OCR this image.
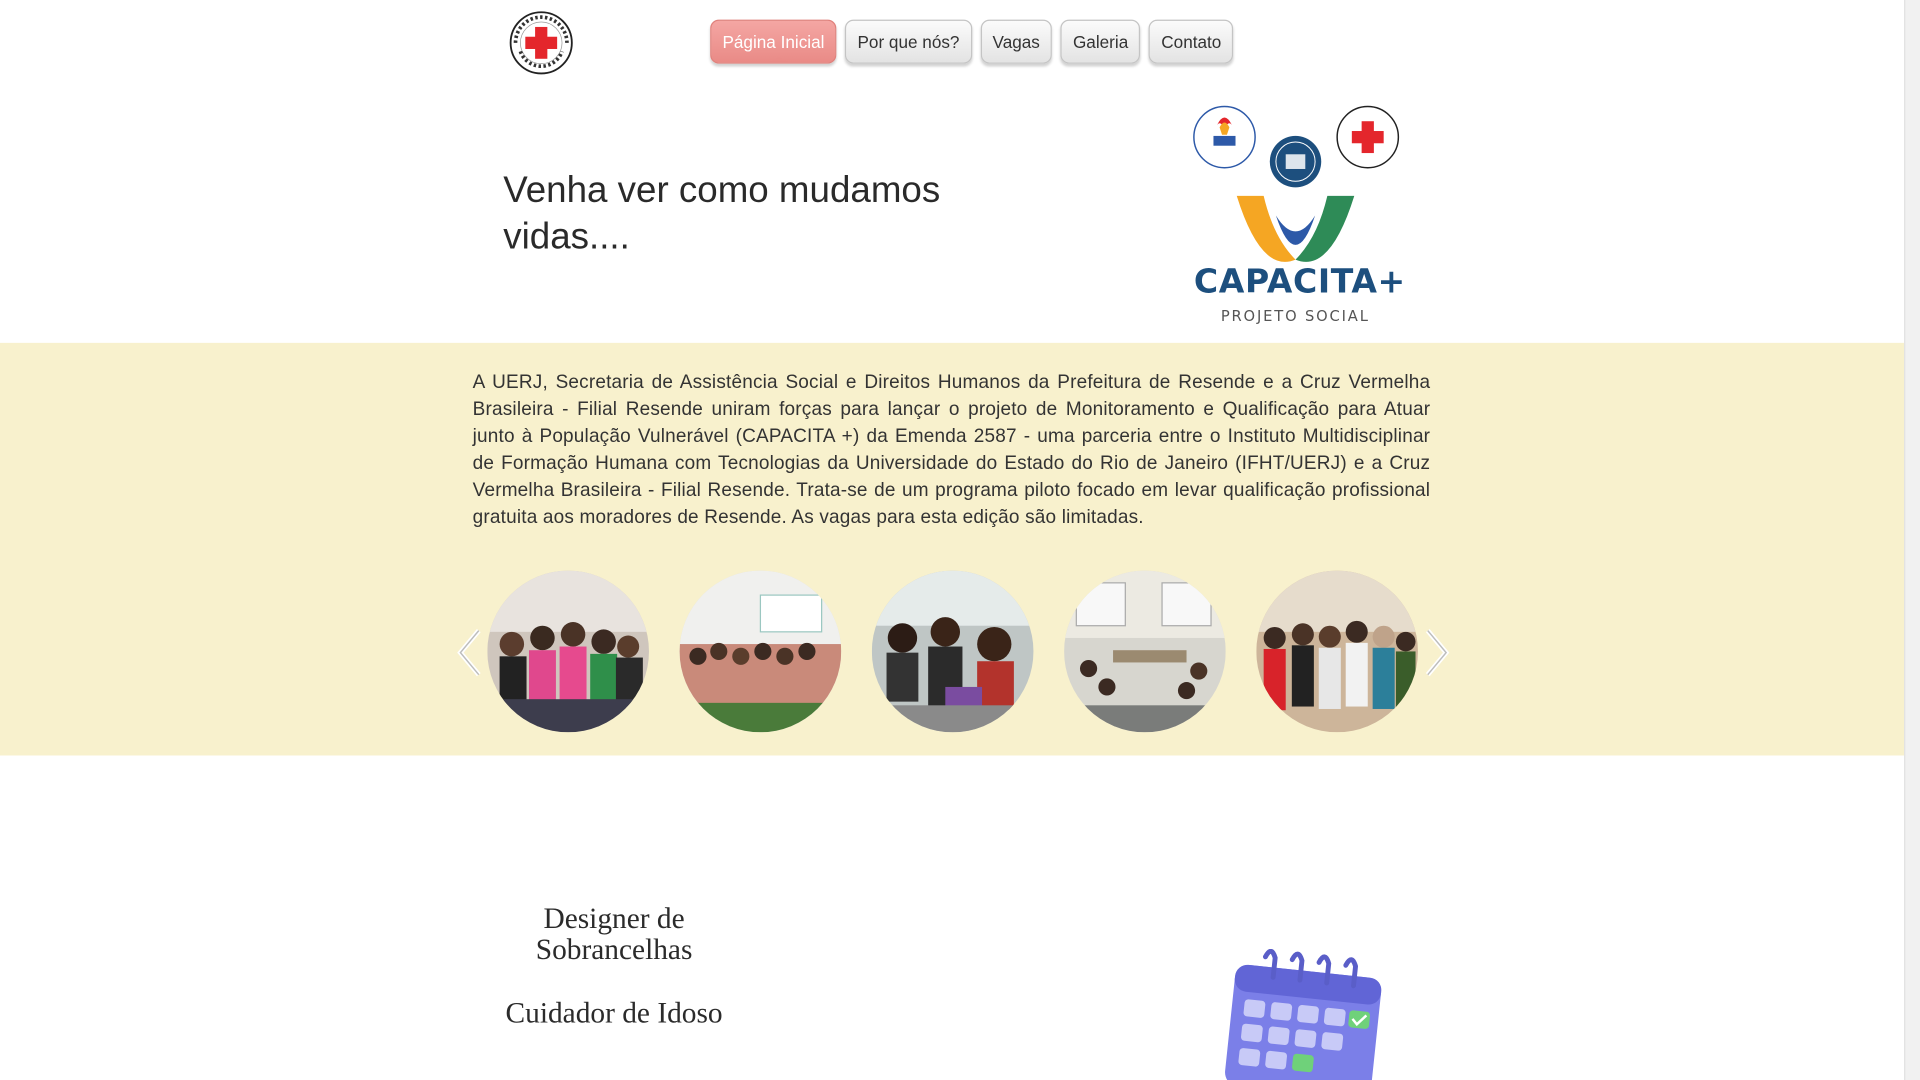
Página Inicial	Por que nós?	Vagas	Galeria	Contato
Venha ver como mudamos vidas....
CAPACITA+
PROJETO SOCIAL

A UERJ, Secretaria de Assistência Social e Direitos Humanos da Prefeitura de Resende e a Cruz Vermelha Brasileira - Filial Resende uniram forças para lançar o projeto de Monitoramento e Qualificação para Atuar junto à População Vulnerável (CAPACITA +) da Emenda 2587 - uma parceria entre o Instituto Multidisciplinar de Formação Humana com Tecnologias da Universidade do Estado do Rio de Janeiro (IFHT/UERJ) e a Cruz Vermelha Brasileira - Filial Resende. Trata-se de um programa piloto focado em levar qualificação profissional gratuita aos moradores de Resende. As vagas para esta edição são limitadas.

Designer de Sobrancelhas
Cuidador de Idoso
